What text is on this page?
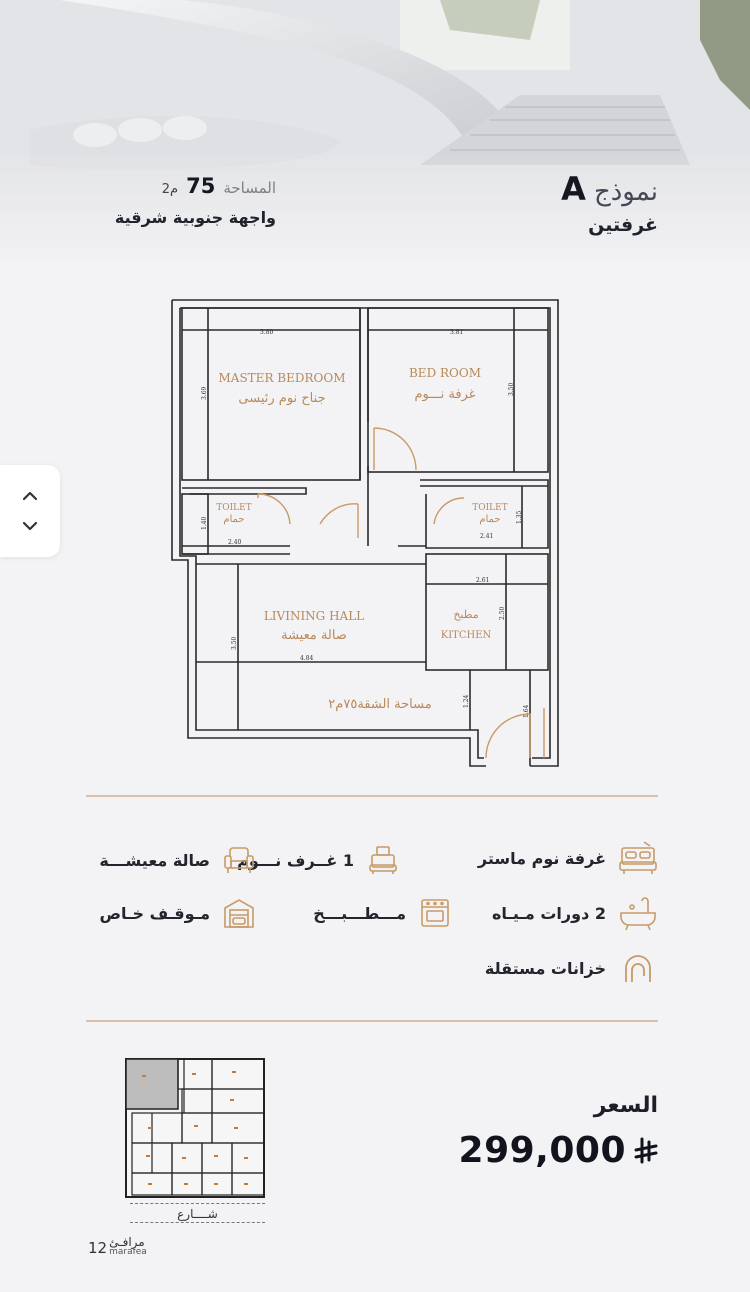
نموذج
A
غرفتين
المساحة
75
م2
واجهة جنوبية شرقية
MASTER BEDROOM
جناح نوم رئيسى
BED ROOM
غرفة نـــوم
TOILET
حمام
TOILET
حمام
LIVINING HALL
صالة معيشة
مطبخ
KITCHEN
مساحة الشقة٧٥م٢
3.80	3.81
3.69	3.50
1.40
2.40
1.35
2.41
2.61
2.50
4.84
3.50
1.24
1.64
غرفة نوم ماستر
1 غــرف نـــوم
صالة معيشـــة
2 دورات مـيـاه
مـــطـــبـــخ
مـوقـف خـاص
خزانات مستقلة
شــــارع
السعر
299,000
12 مرافـئ
marafea
